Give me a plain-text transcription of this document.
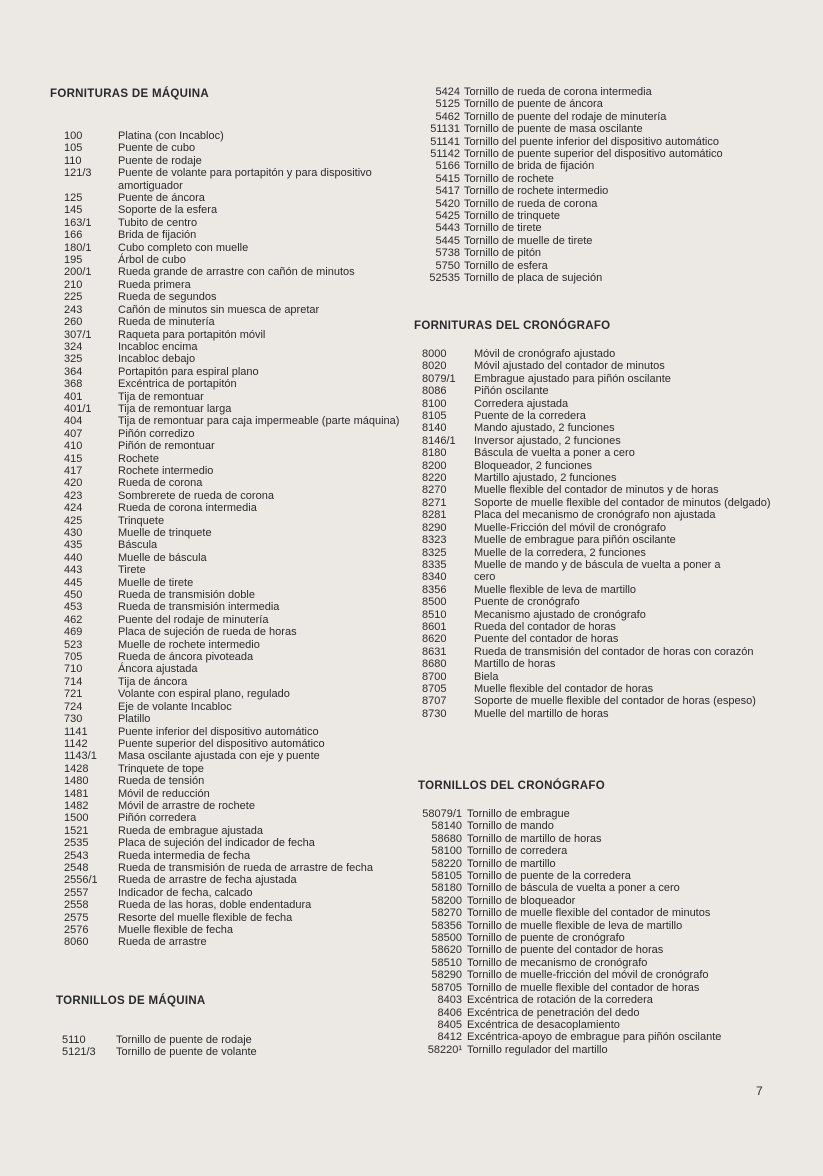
FORNITURAS DE MÁQUINA
100	Platina (con Incabloc)
105	Puente de cubo
110	Puente de rodaje
121/3	Puente de volante para portapitón y para dispositivo amortiguador
125	Puente de áncora
145	Soporte de la esfera
163/1	Tubito de centro
166	Brida de fijación
180/1	Cubo completo con muelle
195	Árbol de cubo
200/1	Rueda grande de arrastre con cañón de minutos
210	Rueda primera
225	Rueda de segundos
243	Cañón de minutos sin muesca de apretar
260	Rueda de minutería
307/1	Raqueta para portapitón móvil
324	Incabloc encima
325	Incabloc debajo
364	Portapitón para espiral plano
368	Excéntrica de portapitón
401	Tija de remontuar
401/1	Tija de remontuar larga
404	Tija de remontuar para caja impermeable (parte máquina)
407	Piñón corredizo
410	Piñón de remontuar
415	Rochete
417	Rochete intermedio
420	Rueda de corona
423	Sombrerete de rueda de corona
424	Rueda de corona intermedia
425	Trinquete
430	Muelle de trinquete
435	Báscula
440	Muelle de báscula
443	Tirete
445	Muelle de tirete
450	Rueda de transmisión doble
453	Rueda de transmisión intermedia
462	Puente del rodaje de minutería
469	Placa de sujeción de rueda de horas
523	Muelle de rochete intermedio
705	Rueda de áncora pivoteada
710	Áncora ajustada
714	Tija de áncora
721	Volante con espiral plano, regulado
724	Eje de volante Incabloc
730	Platillo
1141	Puente inferior del dispositivo automático
1142	Puente superior del dispositivo automático
1143/1	Masa oscilante ajustada con eje y puente
1428	Trinquete de tope
1480	Rueda de tensión
1481	Móvil de reducción
1482	Móvil de arrastre de rochete
1500	Piñón corredera
1521	Rueda de embrague ajustada
2535	Placa de sujeción del indicador de fecha
2543	Rueda intermedia de fecha
2548	Rueda de transmisión de rueda de arrastre de fecha
2556/1	Rueda de arrastre de fecha ajustada
2557	Indicador de fecha, calcado
2558	Rueda de las horas, doble endentadura
2575	Resorte del muelle flexible de fecha
2576	Muelle flexible de fecha
8060	Rueda de arrastre
TORNILLOS DE MÁQUINA
5110	Tornillo de puente de rodaje
5121/3	Tornillo de puente de volante
5424 Tornillo de rueda de corona intermedia
5125 Tornillo de puente de áncora
5462 Tornillo de puente del rodaje de minutería
51131 Tornillo de puente de masa oscilante
51141 Tornillo del puente inferior del dispositivo automático
51142 Tornillo de puente superior del dispositivo automático
5166 Tornillo de brida de fijación
5415 Tornillo de rochete
5417 Tornillo de rochete intermedio
5420 Tornillo de rueda de corona
5425 Tornillo de trinquete
5443 Tornillo de tirete
5445 Tornillo de muelle de tirete
5738 Tornillo de pitón
5750 Tornillo de esfera
52535 Tornillo de placa de sujeción
FORNITURAS DEL CRONÓGRAFO
8000	Móvil de cronógrafo ajustado
8020	Móvil ajustado del contador de minutos
8079/1	Embrague ajustado para piñón oscilante
8086	Piñón oscilante
8100	Corredera ajustada
8105	Puente de la corredera
8140	Mando ajustado, 2 funciones
8146/1	Inversor ajustado, 2 funciones
8180	Báscula de vuelta a poner a cero
8200	Bloqueador, 2 funciones
8220	Martillo ajustado, 2 funciones
8270	Muelle flexible del contador de minutos y de horas
8271	Soporte de muelle flexible del contador de minutos (delgado)
8281	Placa del mecanismo de cronógrafo non ajustada
8290	Muelle-Fricción del móvil de cronógrafo
8323	Muelle de embrague para piñón oscilante
8325	Muelle de la corredera, 2 funciones
8335	Muelle de mando y de báscula de vuelta a poner a
8340	cero
8356	Muelle flexible de leva de martillo
8500	Puente de cronógrafo
8510	Mecanismo ajustado de cronógrafo
8601	Rueda del contador de horas
8620	Puente del contador de horas
8631	Rueda de transmisión del contador de horas con corazón
8680	Martillo de horas
8700	Biela
8705	Muelle flexible del contador de horas
8707	Soporte de muelle flexible del contador de horas (espeso)
8730	Muelle del martillo de horas
TORNILLOS DEL CRONÓGRAFO
58079/1 Tornillo de embrague
58140 Tornillo de mando
58680 Tornillo de martillo de horas
58100 Tornillo de corredera
58220 Tornillo de martillo
58105 Tornillo de puente de la corredera
58180 Tornillo de báscula de vuelta a poner a cero
58200 Tornillo de bloqueador
58270 Tornillo de muelle flexible del contador de minutos
58356 Tornillo de muelle flexible de leva de martillo
58500 Tornillo de puente de cronógrafo
58620 Tornillo de puente del contador de horas
58510 Tornillo de mecanismo de cronógrafo
58290 Tornillo de muelle-fricción del móvil de cronógrafo
58705 Tornillo de muelle flexible del contador de horas
8403 Excéntrica de rotación de la corredera
8406 Excéntrica de penetración del dedo
8405 Excéntrica de desacoplamiento
8412 Excéntrica-apoyo de embrague para piñón oscilante
58220¹ Tornillo regulador del martillo
7
